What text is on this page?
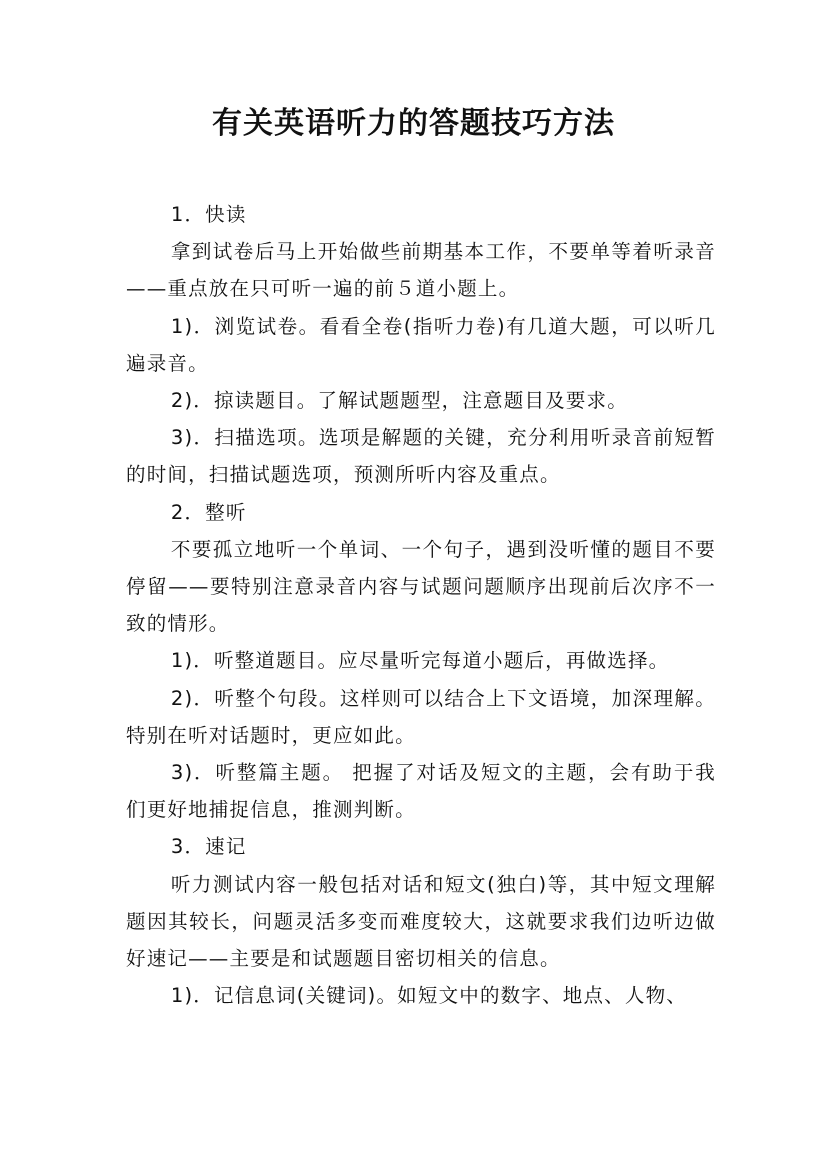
有关英语听力的答题技巧方法

1．快读

拿到试卷后马上开始做些前期基本工作，不要单等着听录音——重点放在只可听一遍的前５道小题上。

1)．浏览试卷。看看全卷(指听力卷)有几道大题，可以听几遍录音。

2)．掠读题目。了解试题题型，注意题目及要求。

3)．扫描选项。选项是解题的关键，充分利用听录音前短暂的时间，扫描试题选项，预测所听内容及重点。

2．整听

不要孤立地听一个单词、一个句子，遇到没听懂的题目不要停留——要特别注意录音内容与试题问题顺序出现前后次序不一致的情形。

1)．听整道题目。应尽量听完每道小题后，再做选择。

2)．听整个句段。这样则可以结合上下文语境，加深理解。特别在听对话题时，更应如此。

3)．听整篇主题。 把握了对话及短文的主题，会有助于我们更好地捕捉信息，推测判断。

3．速记

听力测试内容一般包括对话和短文(独白)等，其中短文理解题因其较长，问题灵活多变而难度较大，这就要求我们边听边做好速记——主要是和试题题目密切相关的信息。

1)．记信息词(关键词)。如短文中的数字、地点、人物、
